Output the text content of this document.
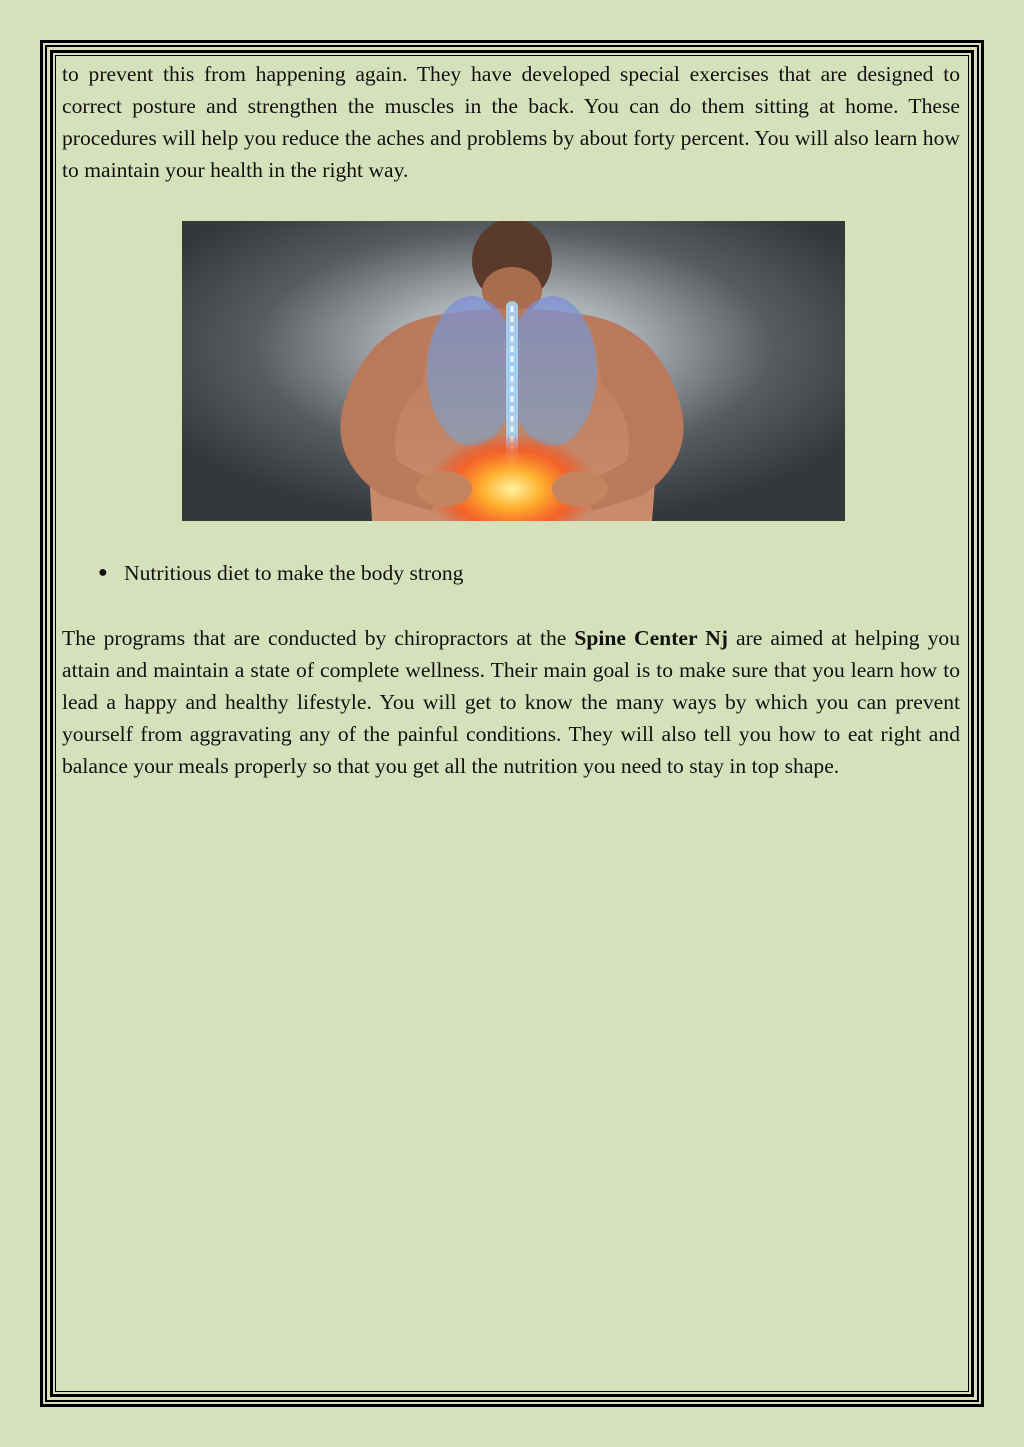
to prevent this from happening again. They have developed special exercises that are designed to correct posture and strengthen the muscles in the back. You can do them sitting at home. These procedures will help you reduce the aches and problems by about forty percent. You will also learn how to maintain your health in the right way.

● Nutritious diet to make the body strong

The programs that are conducted by chiropractors at the Spine Center Nj are aimed at helping you attain and maintain a state of complete wellness. Their main goal is to make sure that you learn how to lead a happy and healthy lifestyle. You will get to know the many ways by which you can prevent yourself from aggravating any of the painful conditions. They will also tell you how to eat right and balance your meals properly so that you get all the nutrition you need to stay in top shape.
